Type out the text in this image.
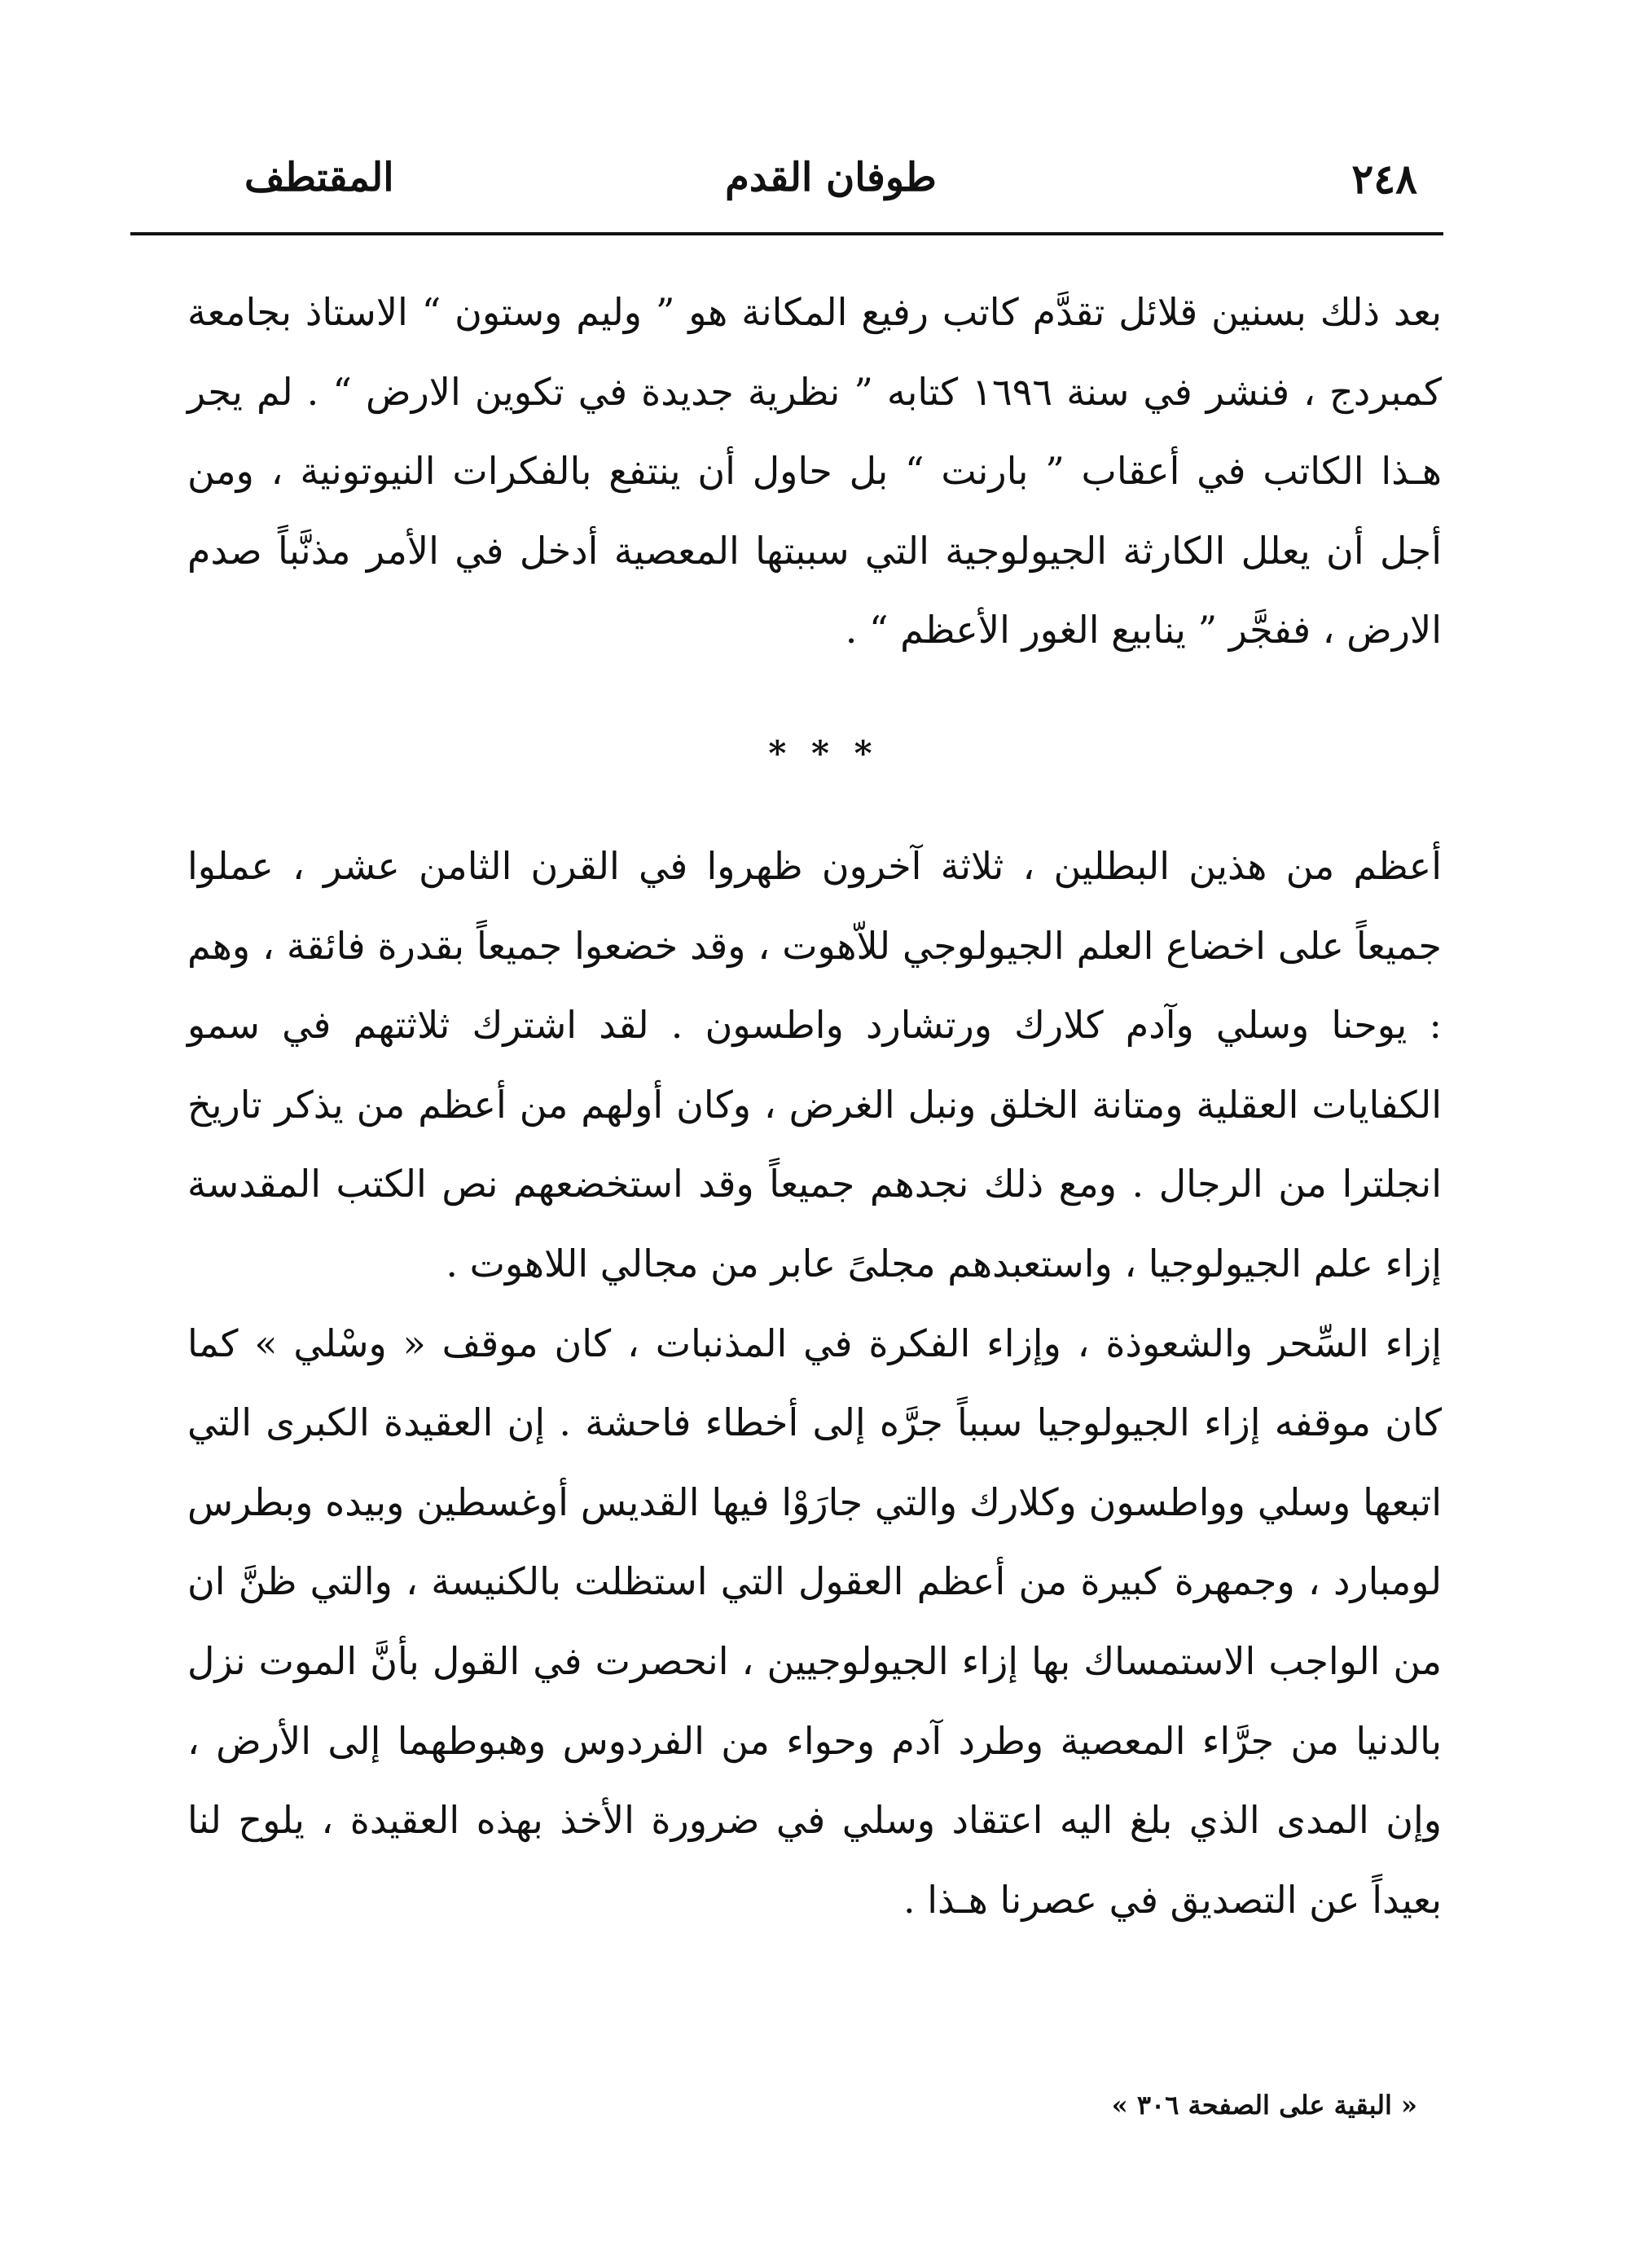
٢٤٨
طوفان القدم
المقتطف

بعد ذلك بسنين قلائل تقدَّم كاتب رفيع المكانة هو ” وليم وستون “ الاستاذ بجامعة كمبردج ، فنشر في سنة ١٦٩٦ كتابه ” نظرية جديدة في تكوين الارض “ . لم يجر هـذا الكاتب في أعقاب ” بارنت “ بل حاول أن ينتفع بالفكرات النيوتونية ، ومن أجل أن يعلل الكارثة الجيولوجية التي سببتها المعصية أدخل في الأمر مذنَّباً صدم الارض ، ففجَّر ” ينابيع الغور الأعظم “ .

* * *

أعظم من هذين البطلين ، ثلاثة آخرون ظهروا في القرن الثامن عشر ، عملوا جميعاً على اخضاع العلم الجيولوجي للاّهوت ، وقد خضعوا جميعاً بقدرة فائقة ، وهم : يوحنا وسلي وآدم كلارك ورتشارد واطسون . لقد اشترك ثلاثتهم في سمو الكفايات العقلية ومتانة الخلق ونبل الغرض ، وكان أولهم من أعظم من يذكر تاريخ انجلترا من الرجال . ومع ذلك نجدهم جميعاً وقد استخضعهم نص الكتب المقدسة إزاء علم الجيولوجيا ، واستعبدهم مجلىً عابر من مجالي اللاهوت .

إزاء السِّحر والشعوذة ، وإزاء الفكرة في المذنبات ، كان موقف « وسْلي » كما كان موقفه إزاء الجيولوجيا سبباً جرَّه إلى أخطاء فاحشة . إن العقيدة الكبرى التي اتبعها وسلي وواطسون وكلارك والتي جارَوْا فيها القديس أوغسطين وبيده وبطرس لومبارد ، وجمهرة كبيرة من أعظم العقول التي استظلت بالكنيسة ، والتي ظنَّ ان من الواجب الاستمساك بها إزاء الجيولوجيين ، انحصرت في القول بأنَّ الموت نزل بالدنيا من جرَّاء المعصية وطرد آدم وحواء من الفردوس وهبوطهما إلى الأرض ، وإن المدى الذي بلغ اليه اعتقاد وسلي في ضرورة الأخذ بهذه العقيدة ، يلوح لنا بعيداً عن التصديق في عصرنا هـذا .

« البقية على الصفحة ٣٠٦ »
